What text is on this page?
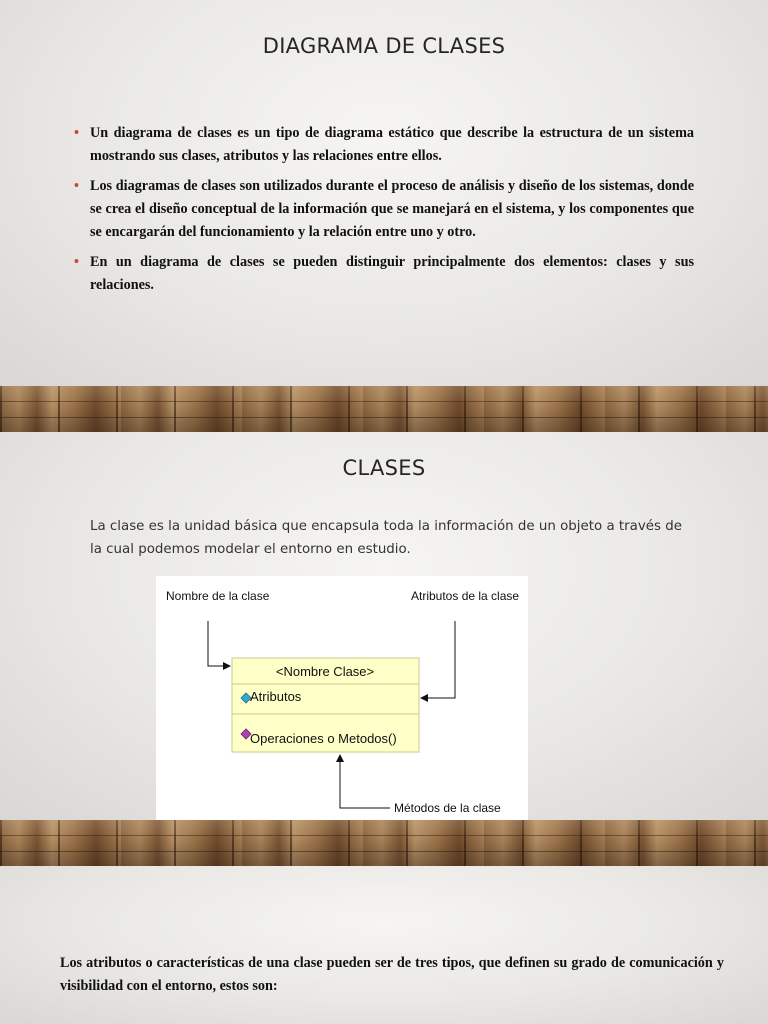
DIAGRAMA DE CLASES
• Un diagrama de clases es un tipo de diagrama estático que describe la estructura de un sistema mostrando sus clases, atributos y las relaciones entre ellos.
• Los diagramas de clases son utilizados durante el proceso de análisis y diseño de los sistemas, donde se crea el diseño conceptual de la información que se manejará en el sistema, y los componentes que se encargarán del funcionamiento y la relación entre uno y otro.
• En un diagrama de clases se pueden distinguir principalmente dos elementos: clases y sus relaciones.
CLASES
La clase es la unidad básica que encapsula toda la información de un objeto a través de la cual podemos modelar el entorno en estudio.
Nombre de la clase	Atributos de la clase
<Nombre Clase>
Atributos
Operaciones o Metodos()
Métodos de la clase
Los atributos o características de una clase pueden ser de tres tipos, que definen su grado de comunicación y visibilidad con el entorno, estos son:
